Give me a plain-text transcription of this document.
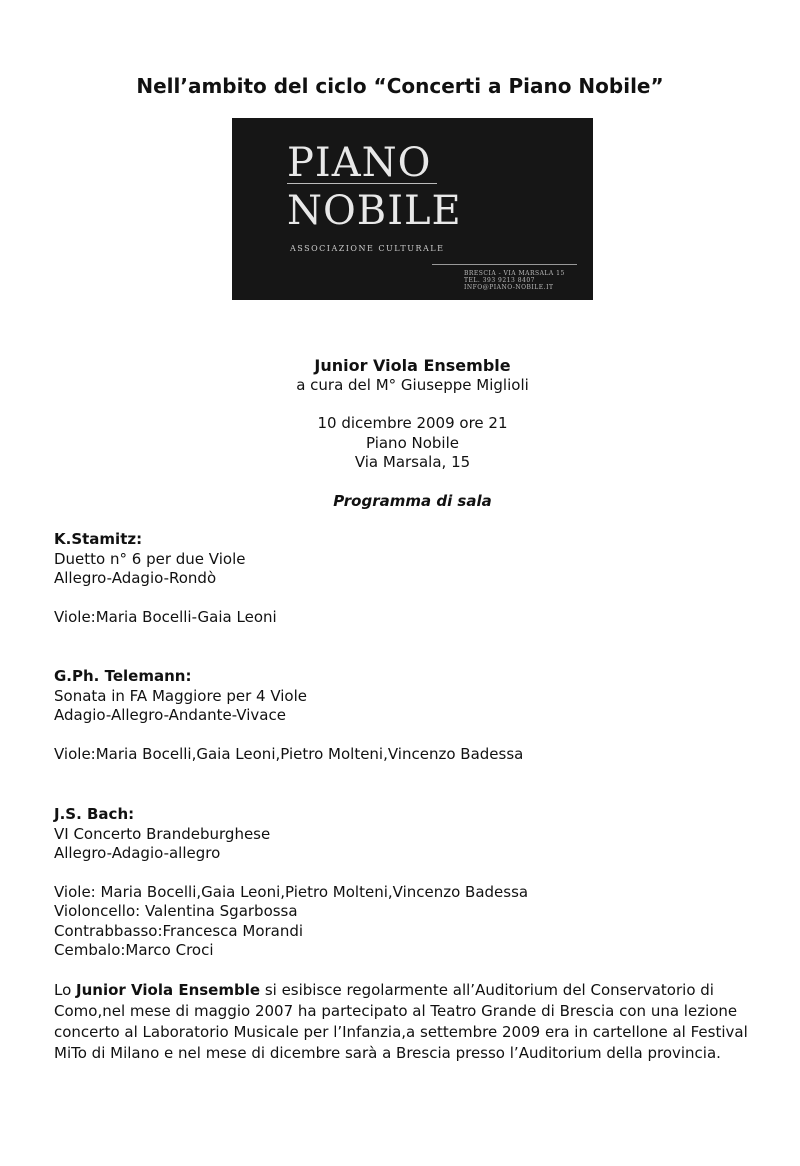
Nell’ambito del ciclo “Concerti a Piano Nobile”
PIANO
NOBILE
ASSOCIAZIONE CULTURALE
BRESCIA - VIA MARSALA 15
TEL. 393 9213 8407
INFO@PIANO-NOBILE.IT
Junior Viola Ensemble
a cura del M° Giuseppe Miglioli
10 dicembre 2009 ore 21
Piano Nobile
Via Marsala, 15
Programma di sala

K.Stamitz:

Duetto n° 6 per due Viole

Allegro-Adagio-Rondò

Viole:Maria Bocelli-Gaia Leoni

G.Ph. Telemann:

Sonata in FA Maggiore per 4 Viole

Adagio-Allegro-Andante-Vivace

Viole:Maria Bocelli,Gaia Leoni,Pietro Molteni,Vincenzo Badessa

J.S. Bach:

VI Concerto Brandeburghese

Allegro-Adagio-allegro

Viole: Maria Bocelli,Gaia Leoni,Pietro Molteni,Vincenzo Badessa

Violoncello: Valentina Sgarbossa

Contrabbasso:Francesca Morandi

Cembalo:Marco Croci

Lo Junior Viola Ensemble si esibisce regolarmente all’Auditorium del Conservatorio di Como,nel mese di maggio 2007 ha partecipato al Teatro Grande di Brescia con una lezione concerto al Laboratorio Musicale per l’Infanzia,a settembre 2009 era in cartellone al Festival MiTo di Milano e nel mese di dicembre sarà a Brescia presso l’Auditorium della provincia.
